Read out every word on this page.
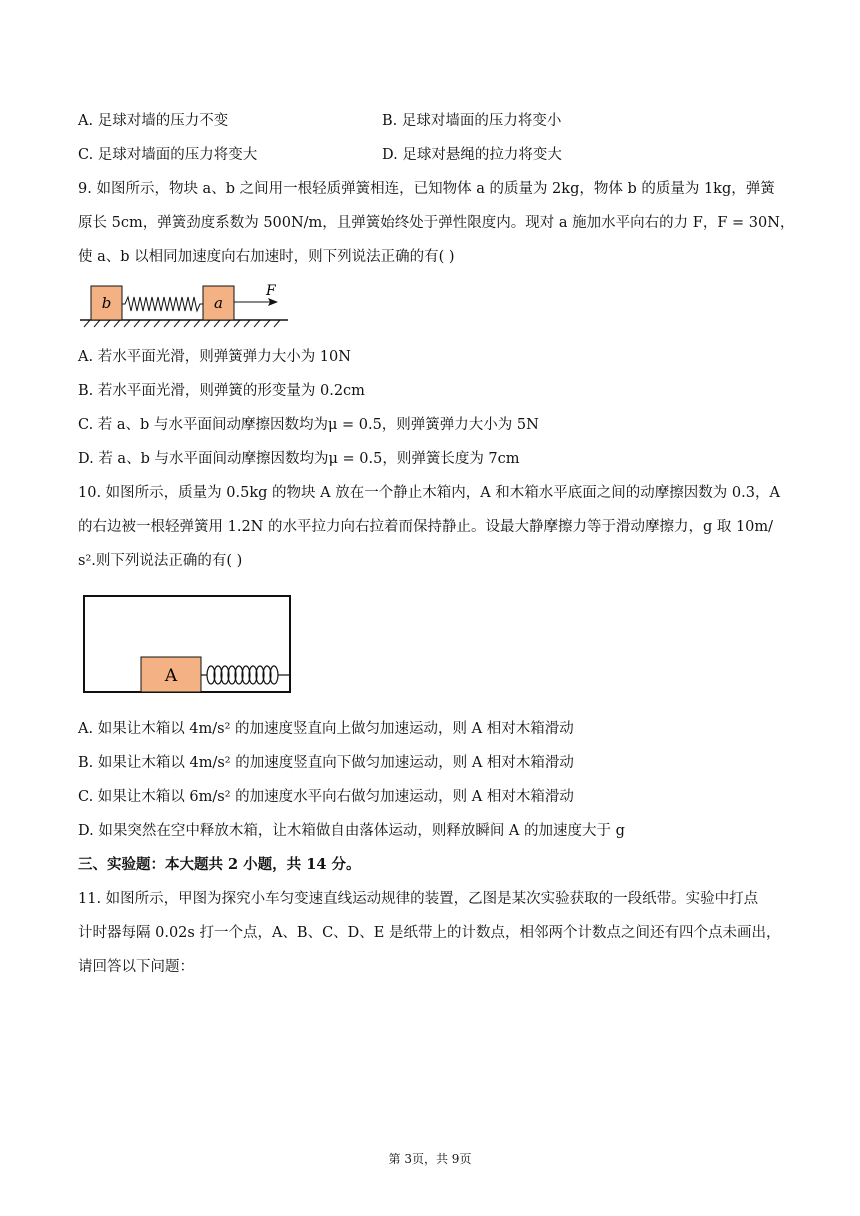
A. 足球对墙的压力不变	B. 足球对墙面的压力将变小
C. 足球对墙面的压力将变大	D. 足球对悬绳的拉力将变大
9. 如图所示，物块 a、b 之间用一根轻质弹簧相连，已知物体 a 的质量为 2kg，物体 b 的质量为 1kg，弹簧
原长 5cm，弹簧劲度系数为 500N/m，且弹簧始终处于弹性限度内。现对 a 施加水平向右的力 F，F = 30N，
使 a、b 以相同加速度向右加速时，则下列说法正确的有( )
b	a
F
A. 若水平面光滑，则弹簧弹力大小为 10N
B. 若水平面光滑，则弹簧的形变量为 0.2cm
C. 若 a、b 与水平面间动摩擦因数均为μ = 0.5，则弹簧弹力大小为 5N
D. 若 a、b 与水平面间动摩擦因数均为μ = 0.5，则弹簧长度为 7cm
10. 如图所示，质量为 0.5kg 的物块 A 放在一个静止木箱内，A 和木箱水平底面之间的动摩擦因数为 0.3，A
的右边被一根轻弹簧用 1.2N 的水平拉力向右拉着而保持静止。设最大静摩擦力等于滑动摩擦力，g 取 10m/
s².则下列说法正确的有( )
A
A. 如果让木箱以 4m/s² 的加速度竖直向上做匀加速运动，则 A 相对木箱滑动
B. 如果让木箱以 4m/s² 的加速度竖直向下做匀加速运动，则 A 相对木箱滑动
C. 如果让木箱以 6m/s² 的加速度水平向右做匀加速运动，则 A 相对木箱滑动
D. 如果突然在空中释放木箱，让木箱做自由落体运动，则释放瞬间 A 的加速度大于 g
三、实验题：本大题共 2 小题，共 14 分。
11. 如图所示，甲图为探究小车匀变速直线运动规律的装置，乙图是某次实验获取的一段纸带。实验中打点
计时器每隔 0.02s 打一个点，A、B、C、D、E 是纸带上的计数点，相邻两个计数点之间还有四个点未画出，
请回答以下问题：
第 3页，共 9页
